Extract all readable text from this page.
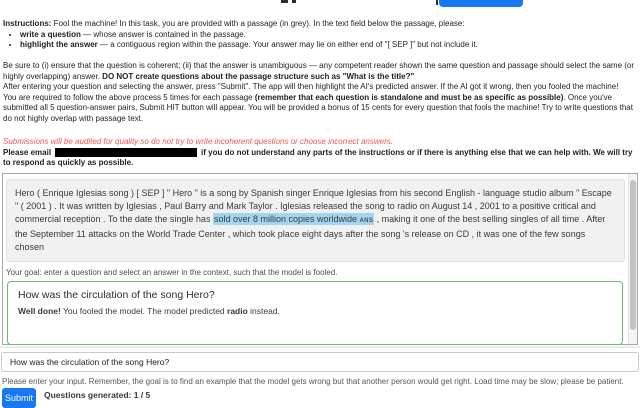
Instructions: Fool the machine! In this task, you are provided with a passage (in grey). In the text field below the passage, please:

• write a question — whose answer is contained in the passage.
• highlight the answer — a contiguous region within the passage. Your answer may lie on either end of "[ SEP ]" but not include it.

Be sure to (i) ensure that the question is coherent; (ii) that the answer is unambiguous — any competent reader shown the same question and passage should select the same (or highly overlapping) answer. DO NOT create questions about the passage structure such as "What is the title?"

After entering your question and selecting the answer, press "Submit". The app will then highlight the AI's predicted answer. If the AI got it wrong, then you fooled the machine!

You are required to follow the above process 5 times for each passage (remember that each question is standalone and must be as specific as possible). Once you've submitted all 5 question-answer pairs, Submit HIT button will appear. You will be provided a bonus of 15 cents for every question that fools the machine! Try to write questions that do not highly overlap with passage text.

Submissions will be audited for quality so do not try to write incoherent questions or choose incorrect answers.

Please email	if you do not understand any parts of the instructions or if there is anything else that we can help with. We will try to respond as quickly as possible.

Hero ( Enrique Iglesias song ) [ SEP ] " Hero " is a song by Spanish singer Enrique Iglesias from his second English - language studio album " Escape " ( 2001 ) . It was written by Iglesias , Paul Barry and Mark Taylor . Iglesias released the song to radio on August 14 , 2001 to a positive critical and commercial reception . To the date the single has sold over 8 million copies worldwide ANS , making it one of the best selling singles of all time . After the September 11 attacks on the World Trade Center , which took place eight days after the song 's release on CD , it was one of the few songs chosen
Your goal: enter a question and select an answer in the context, such that the model is fooled.
How was the circulation of the song Hero?
Well done! You fooled the model. The model predicted radio instead.
How was the circulation of the song Hero?
Please enter your input. Remember, the goal is to find an example that the model gets wrong but that another person would get right. Load time may be slow; please be patient.
Submit	Questions generated: 1 / 5
